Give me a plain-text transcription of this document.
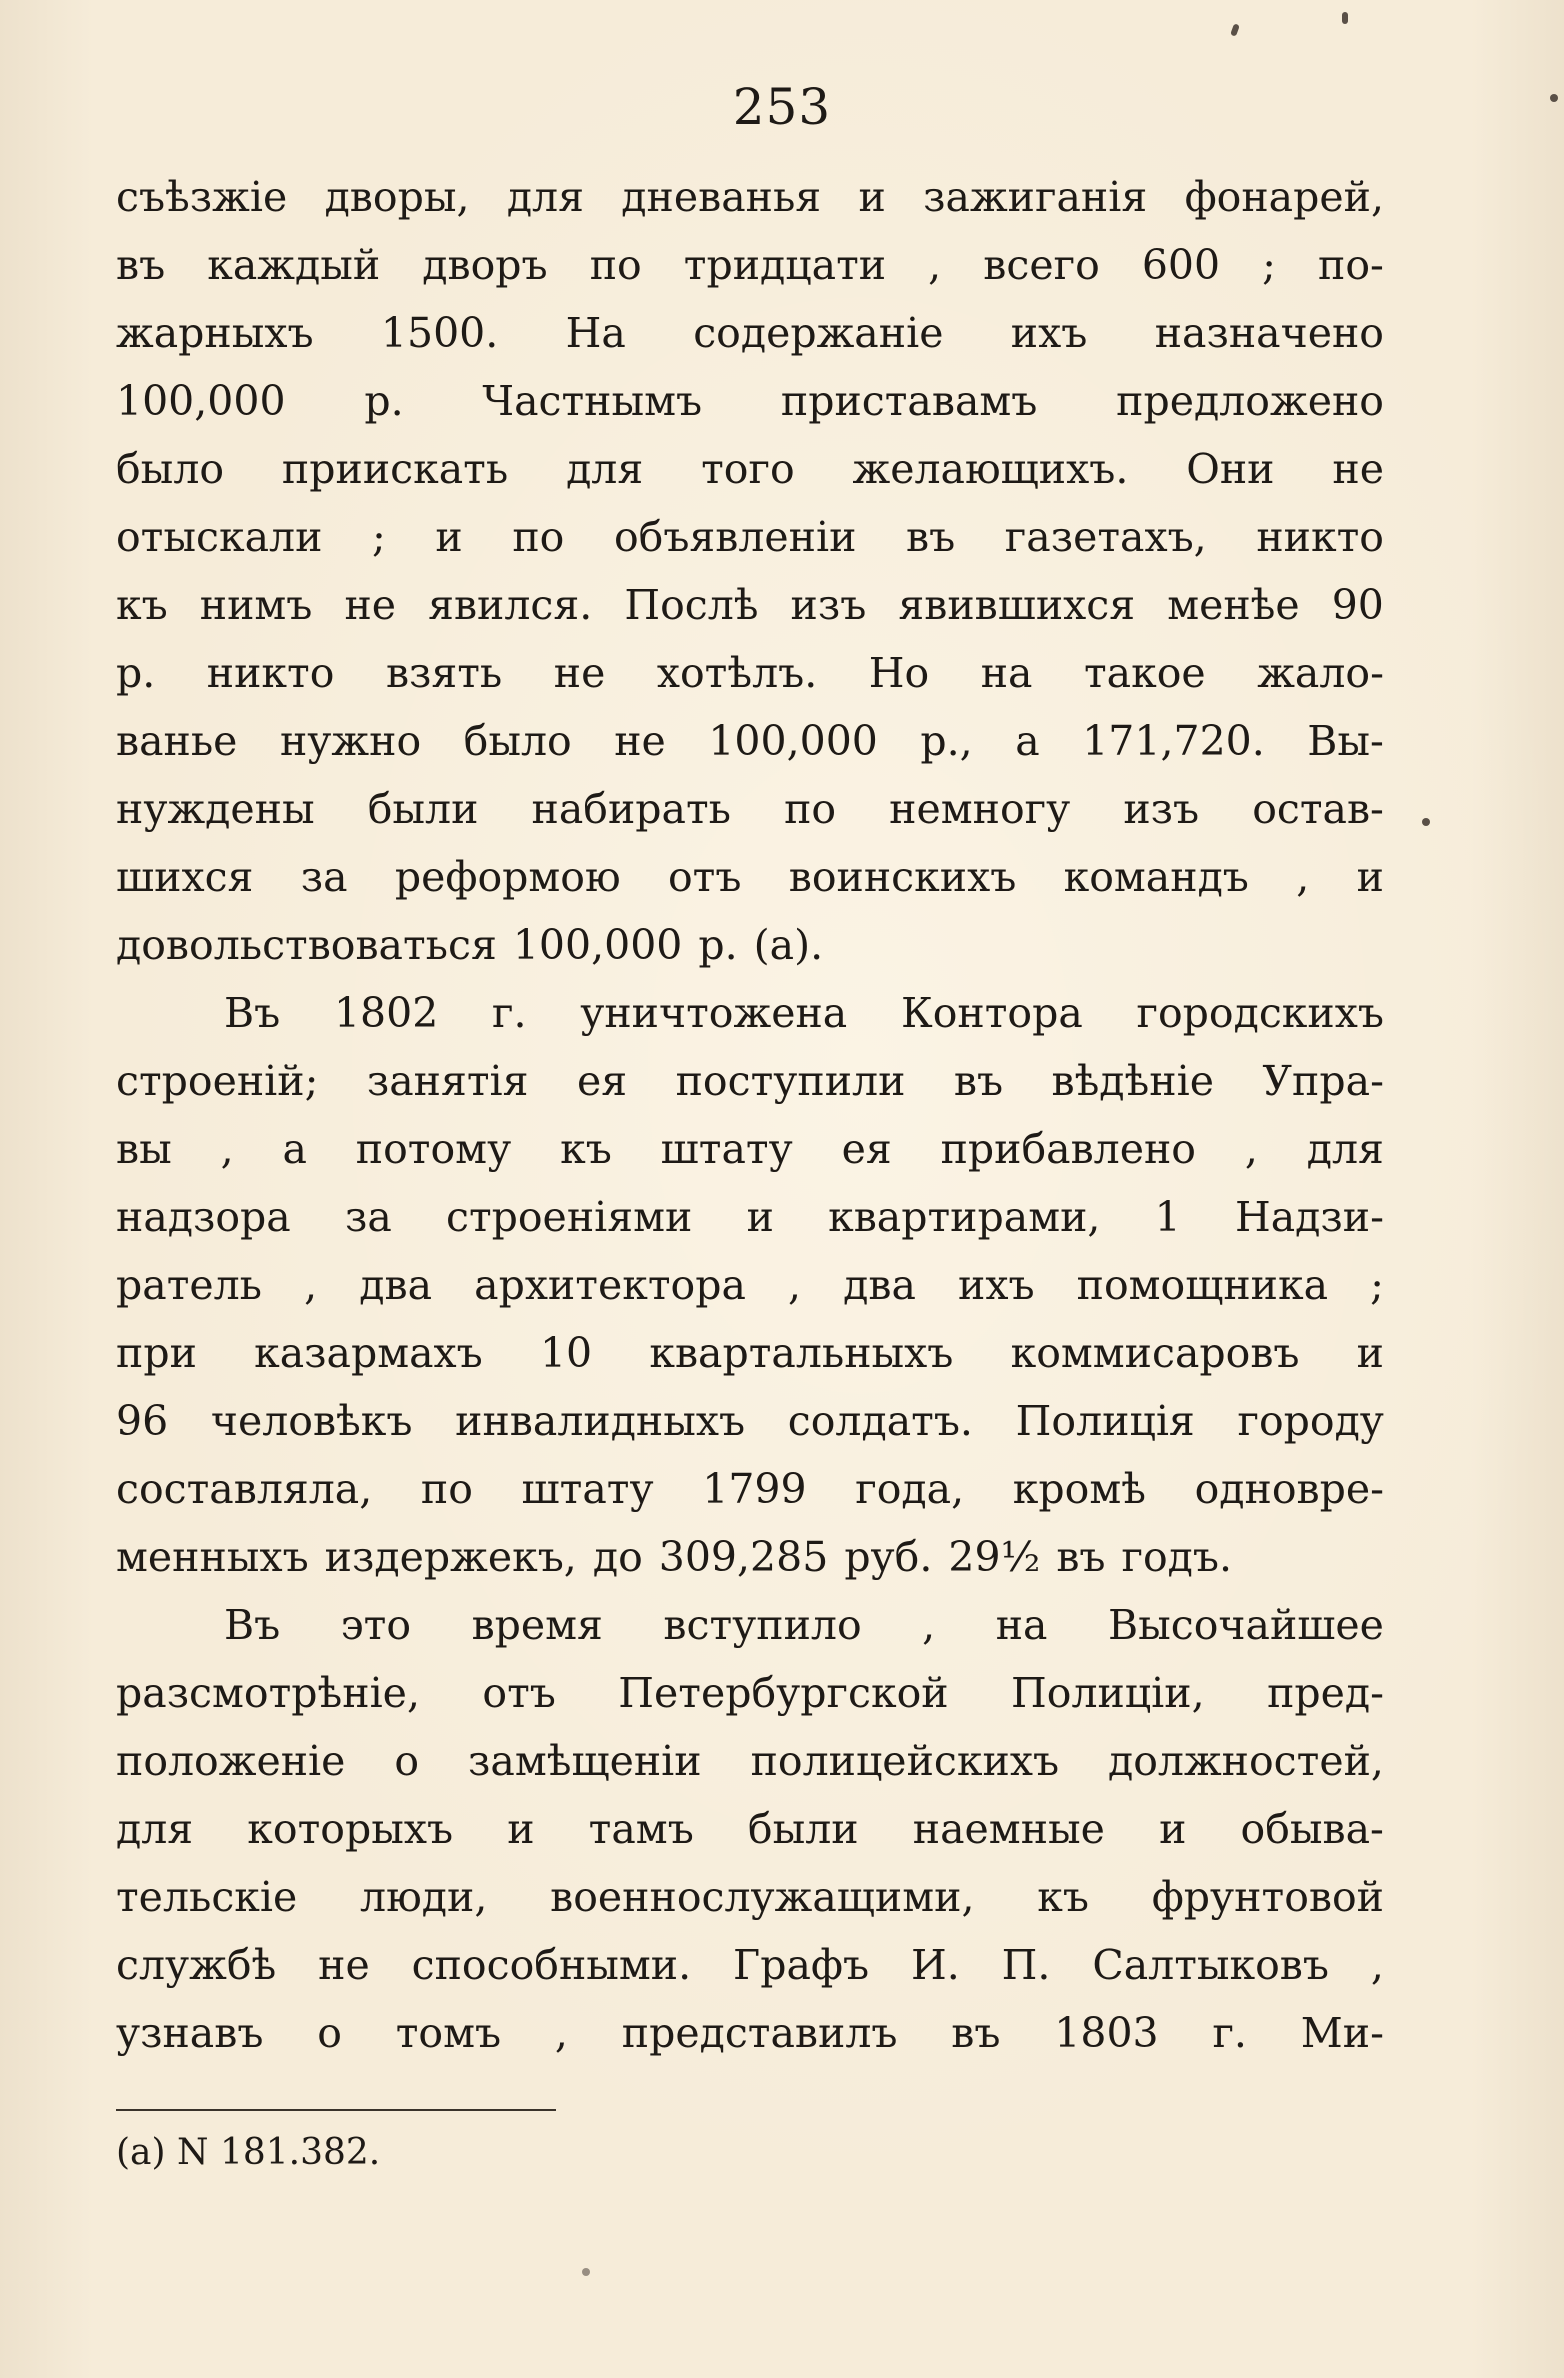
253
съѣзжіе дворы, для дневанья и зажиганія фонарей,
въ каждый дворъ по тридцати , всего 600 ; по-
жарныхъ 1500. На содержаніе ихъ назначено
100,000 р. Частнымъ приставамъ предложено
было приискать для того желающихъ. Они не
отыскали ; и по объявленіи въ газетахъ, никто
къ нимъ не явился. Послѣ изъ явившихся менѣе 90
р. никто взять не хотѣлъ. Но на такое жало-
ванье нужно было не 100,000 р., а 171,720. Вы-
нуждены были набирать по немногу изъ остав-
шихся за реформою отъ воинскихъ командъ , и
довольствоваться 100,000 р. (а).
Въ 1802 г. уничтожена Контора городскихъ
строеній; занятія ея поступили въ вѣдѣніе Упра-
вы , а потому къ штату ея прибавлено , для
надзора за строеніями и квартирами, 1 Надзи-
ратель , два архитектора , два ихъ помощника ;
при казармахъ 10 квартальныхъ коммисаровъ и
96 человѣкъ инвалидныхъ солдатъ. Полиція городу
составляла, по штату 1799 года, кромѣ одновре-
менныхъ издержекъ, до 309,285 руб. 29½ въ годъ.
Въ это время вступило , на Высочайшее
разсмотрѣніе, отъ Петербургской Полиціи, пред-
положеніе о замѣщеніи полицейскихъ должностей,
для которыхъ и тамъ были наемные и обыва-
тельскіе люди, военнослужащими, къ фрунтовой
службѣ не способными. Графъ И. П. Салтыковъ ,
узнавъ о томъ , представилъ въ 1803 г. Ми-
(а) N 181.382.
